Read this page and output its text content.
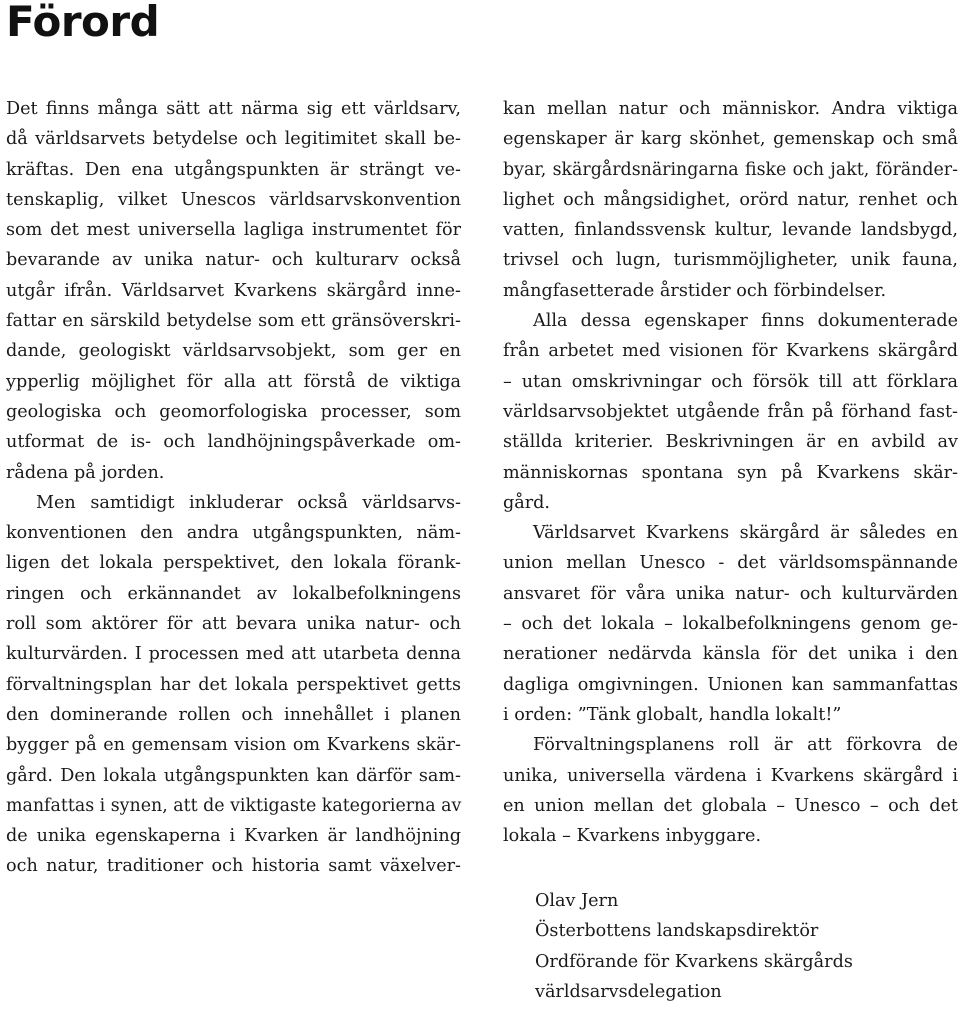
Förord
Det finns många sätt att närma sig ett världsarv,
då världsarvets betydelse och legitimitet skall be-
kräftas. Den ena utgångspunkten är strängt ve-
tenskaplig, vilket Unescos världsarvskonvention
som det mest universella lagliga instrumentet för
bevarande av unika natur- och kulturarv också
utgår ifrån. Världsarvet Kvarkens skärgård inne-
fattar en särskild betydelse som ett gränsöverskri-
dande, geologiskt världsarvsobjekt, som ger en
ypperlig möjlighet för alla att förstå de viktiga
geologiska och geomorfologiska processer, som
utformat de is- och landhöjningspåverkade om-
rådena på jorden.
Men samtidigt inkluderar också världsarvs-
konventionen den andra utgångspunkten, näm-
ligen det lokala perspektivet, den lokala förank-
ringen och erkännandet av lokalbefolkningens
roll som aktörer för att bevara unika natur- och
kulturvärden. I processen med att utarbeta denna
förvaltningsplan har det lokala perspektivet getts
den dominerande rollen och innehållet i planen
bygger på en gemensam vision om Kvarkens skär-
gård. Den lokala utgångspunkten kan därför sam-
manfattas i synen, att de viktigaste kategorierna av
de unika egenskaperna i Kvarken är landhöjning
och natur, traditioner och historia samt växelver-
kan mellan natur och människor. Andra viktiga
egenskaper är karg skönhet, gemenskap och små
byar, skärgårdsnäringarna fiske och jakt, föränder-
lighet och mångsidighet, orörd natur, renhet och
vatten, finlandssvensk kultur, levande landsbygd,
trivsel och lugn, turismmöjligheter, unik fauna,
mångfasetterade årstider och förbindelser.
Alla dessa egenskaper finns dokumenterade
från arbetet med visionen för Kvarkens skärgård
– utan omskrivningar och försök till att förklara
världsarvsobjektet utgående från på förhand fast-
ställda kriterier. Beskrivningen är en avbild av
människornas spontana syn på Kvarkens skär-
gård.
Världsarvet Kvarkens skärgård är således en
union mellan Unesco - det världsomspännande
ansvaret för våra unika natur- och kulturvärden
– och det lokala – lokalbefolkningens genom ge-
nerationer nedärvda känsla för det unika i den
dagliga omgivningen. Unionen kan sammanfattas
i orden: ”Tänk globalt, handla lokalt!”
Förvaltningsplanens roll är att förkovra de
unika, universella värdena i Kvarkens skärgård i
en union mellan det globala – Unesco – och det
lokala – Kvarkens inbyggare.
Olav Jern
Österbottens landskapsdirektör
Ordförande för Kvarkens skärgårds
världsarvsdelegation
